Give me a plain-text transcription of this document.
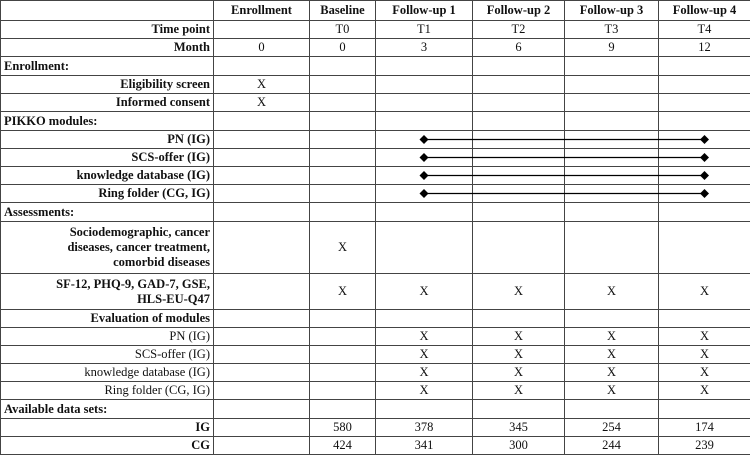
	Enrollment	Baseline	Follow-up 1	Follow-up 2	Follow-up 3	Follow-up 4
Time point		T0	T1	T2	T3	T4
Month	0	0	3	6	9	12
Enrollment:						
Eligibility screen	X					
Informed consent	X					
PIKKO modules:						
PN (IG)						
SCS-offer (IG)						
knowledge database (IG)						
Ring folder (CG, IG)						
Assessments:						

Sociodemographic, cancer
diseases, cancer treatment,
comorbid diseases		X				

SF-12, PHQ-9, GAD-7, GSE,
HLS-EU-Q47		X	X	X	X	X
Evaluation of modules						
PN (IG)			X	X	X	X
SCS-offer (IG)			X	X	X	X
knowledge database (IG)			X	X	X	X
Ring folder (CG, IG)			X	X	X	X
Available data sets:						
IG		580	378	345	254	174
CG		424	341	300	244	239
